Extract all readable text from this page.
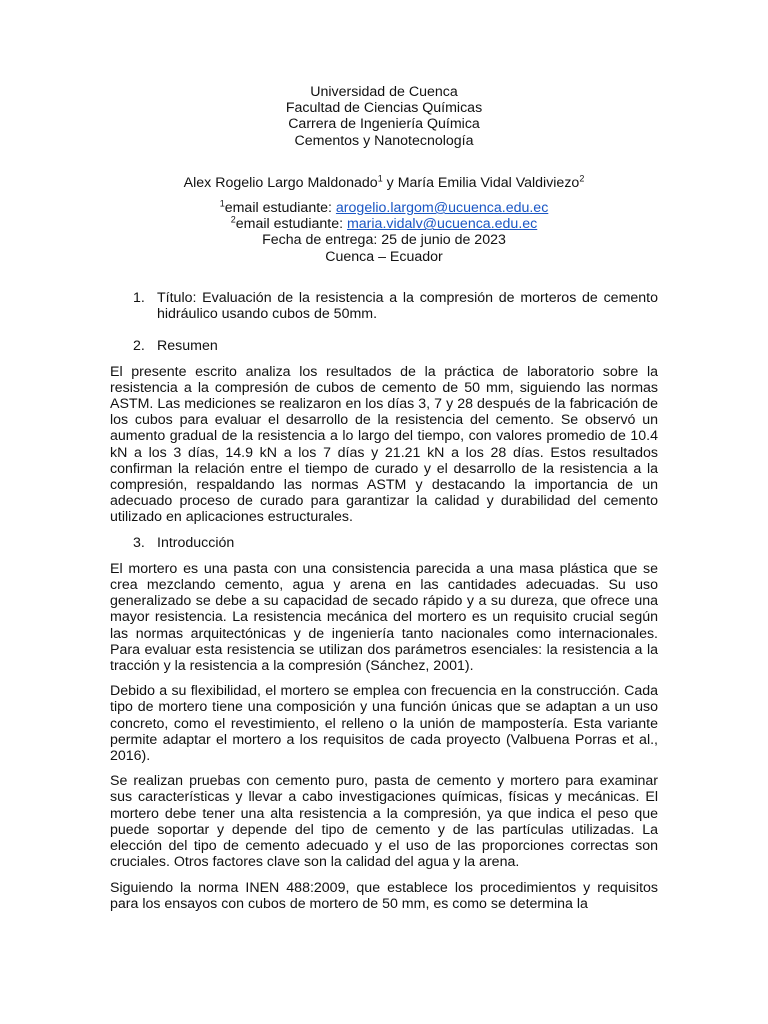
Universidad de Cuenca
Facultad de Ciencias Químicas
Carrera de Ingeniería Química
Cementos y Nanotecnología
Alex Rogelio Largo Maldonado$^1$ y María Emilia Vidal Valdiviezo$^2$
$^1$email estudiante: arogelio.largom@ucuenca.edu.ec
$^2$email estudiante: maria.vidalv@ucuenca.edu.ec
Fecha de entrega: 25 de junio de 2023
Cuenca – Ecuador
1. Título: Evaluación de la resistencia a la compresión de morteros de cemento hidráulico usando cubos de 50mm.
2. Resumen

El presente escrito analiza los resultados de la práctica de laboratorio sobre la resistencia a la compresión de cubos de cemento de 50 mm, siguiendo las normas ASTM. Las mediciones se realizaron en los días 3, 7 y 28 después de la fabricación de los cubos para evaluar el desarrollo de la resistencia del cemento. Se observó un aumento gradual de la resistencia a lo largo del tiempo, con valores promedio de 10.4 kN a los 3 días, 14.9 kN a los 7 días y 21.21 kN a los 28 días. Estos resultados confirman la relación entre el tiempo de curado y el desarrollo de la resistencia a la compresión, respaldando las normas ASTM y destacando la importancia de un adecuado proceso de curado para garantizar la calidad y durabilidad del cemento utilizado en aplicaciones estructurales.

3. Introducción

El mortero es una pasta con una consistencia parecida a una masa plástica que se crea mezclando cemento, agua y arena en las cantidades adecuadas. Su uso generalizado se debe a su capacidad de secado rápido y a su dureza, que ofrece una mayor resistencia. La resistencia mecánica del mortero es un requisito crucial según las normas arquitectónicas y de ingeniería tanto nacionales como internacionales. Para evaluar esta resistencia se utilizan dos parámetros esenciales: la resistencia a la tracción y la resistencia a la compresión (Sánchez, 2001).

Debido a su flexibilidad, el mortero se emplea con frecuencia en la construcción. Cada tipo de mortero tiene una composición y una función únicas que se adaptan a un uso concreto, como el revestimiento, el relleno o la unión de mampostería. Esta variante permite adaptar el mortero a los requisitos de cada proyecto (Valbuena Porras et al., 2016).

Se realizan pruebas con cemento puro, pasta de cemento y mortero para examinar sus características y llevar a cabo investigaciones químicas, físicas y mecánicas. El mortero debe tener una alta resistencia a la compresión, ya que indica el peso que puede soportar y depende del tipo de cemento y de las partículas utilizadas. La elección del tipo de cemento adecuado y el uso de las proporciones correctas son cruciales. Otros factores clave son la calidad del agua y la arena.

Siguiendo la norma INEN 488:2009, que establece los procedimientos y requisitos para los ensayos con cubos de mortero de 50 mm, es como se determina la
